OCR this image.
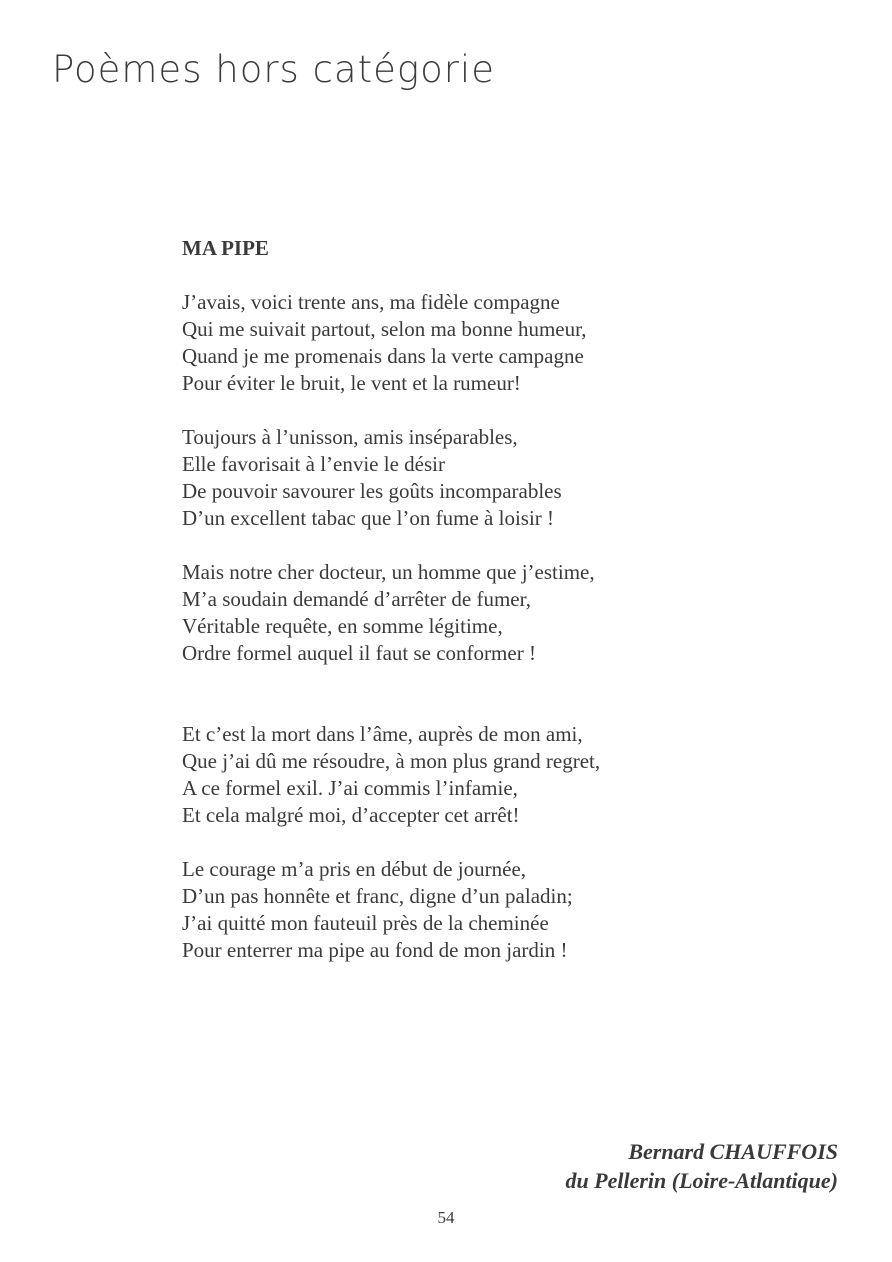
Poèmes hors catégorie
MA PIPE
J’avais, voici trente ans, ma fidèle compagne
Qui me suivait partout, selon ma bonne humeur,
Quand je me promenais dans la verte campagne
Pour éviter le bruit, le vent et la rumeur!
Toujours à l’unisson, amis inséparables,
Elle favorisait à l’envie le désir
De pouvoir savourer les goûts incomparables
D’un excellent tabac que l’on fume à loisir !
Mais notre cher docteur, un homme que j’estime,
M’a soudain demandé d’arrêter de fumer,
Véritable requête, en somme légitime,
Ordre formel auquel il faut se conformer !
Et c’est la mort dans l’âme, auprès de mon ami,
Que j’ai dû me résoudre, à mon plus grand regret,
A ce formel exil. J’ai commis l’infamie,
Et cela malgré moi, d’accepter cet arrêt!
Le courage m’a pris en début de journée,
D’un pas honnête et franc, digne d’un paladin;
J’ai quitté mon fauteuil près de la cheminée
Pour enterrer ma pipe au fond de mon jardin !
Bernard CHAUFFOIS
du Pellerin (Loire-Atlantique)
54
